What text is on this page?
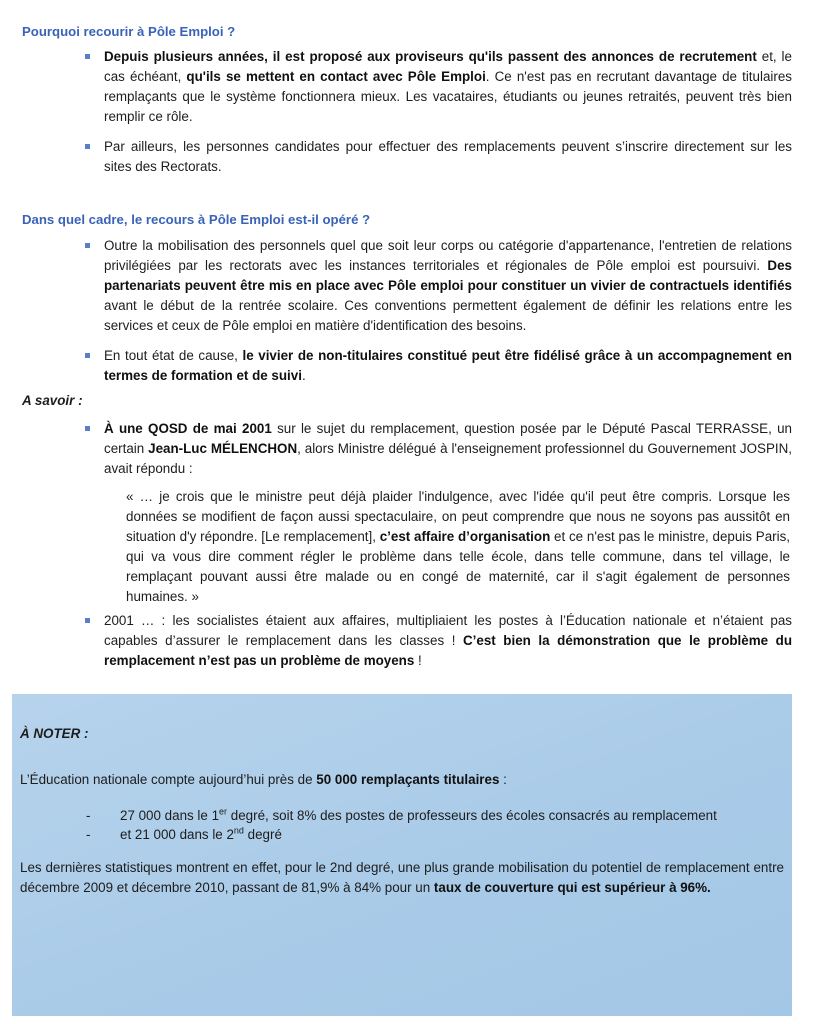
Pourquoi recourir à Pôle Emploi ?
Depuis plusieurs années, il est proposé aux proviseurs qu'ils passent des annonces de recrutement et, le cas échéant, qu'ils se mettent en contact avec Pôle Emploi. Ce n'est pas en recrutant davantage de titulaires remplaçants que le système fonctionnera mieux. Les vacataires, étudiants ou jeunes retraités, peuvent très bien remplir ce rôle.
Par ailleurs, les personnes candidates pour effectuer des remplacements peuvent s’inscrire directement sur les sites des Rectorats.
Dans quel cadre, le recours à Pôle Emploi est-il opéré ?
Outre la mobilisation des personnels quel que soit leur corps ou catégorie d'appartenance, l'entretien de relations privilégiées par les rectorats avec les instances territoriales et régionales de Pôle emploi est poursuivi. Des partenariats peuvent être mis en place avec Pôle emploi pour constituer un vivier de contractuels identifiés avant le début de la rentrée scolaire. Ces conventions permettent également de définir les relations entre les services et ceux de Pôle emploi en matière d'identification des besoins.
En tout état de cause, le vivier de non-titulaires constitué peut être fidélisé grâce à un accompagnement en termes de formation et de suivi.
A savoir :
À une QOSD de mai 2001 sur le sujet du remplacement, question posée par le Député Pascal TERRASSE, un certain Jean-Luc MÉLENCHON, alors Ministre délégué à l'enseignement professionnel du Gouvernement JOSPIN, avait répondu :
« … je crois que le ministre peut déjà plaider l'indulgence, avec l'idée qu'il peut être compris. Lorsque les données se modifient de façon aussi spectaculaire, on peut comprendre que nous ne soyons pas aussitôt en situation d'y répondre. [Le remplacement], c’est affaire d’organisation et ce n'est pas le ministre, depuis Paris, qui va vous dire comment régler le problème dans telle école, dans telle commune, dans tel village, le remplaçant pouvant aussi être malade ou en congé de maternité, car il s'agit également de personnes humaines. »
2001 … : les socialistes étaient aux affaires, multipliaient les postes à l’Éducation nationale et n’étaient pas capables d’assurer le remplacement dans les classes ! C’est bien la démonstration que le problème du remplacement n’est pas un problème de moyens !
À NOTER :
L’Éducation nationale compte aujourd’hui près de 50 000 remplaçants titulaires :
- 27 000 dans le 1er degré, soit 8% des postes de professeurs des écoles consacrés au remplacement
- et 21 000 dans le 2nd degré
Les dernières statistiques montrent en effet, pour le 2nd degré, une plus grande mobilisation du potentiel de remplacement entre décembre 2009 et décembre 2010, passant de 81,9% à 84% pour un taux de couverture qui est supérieur à 96%.
